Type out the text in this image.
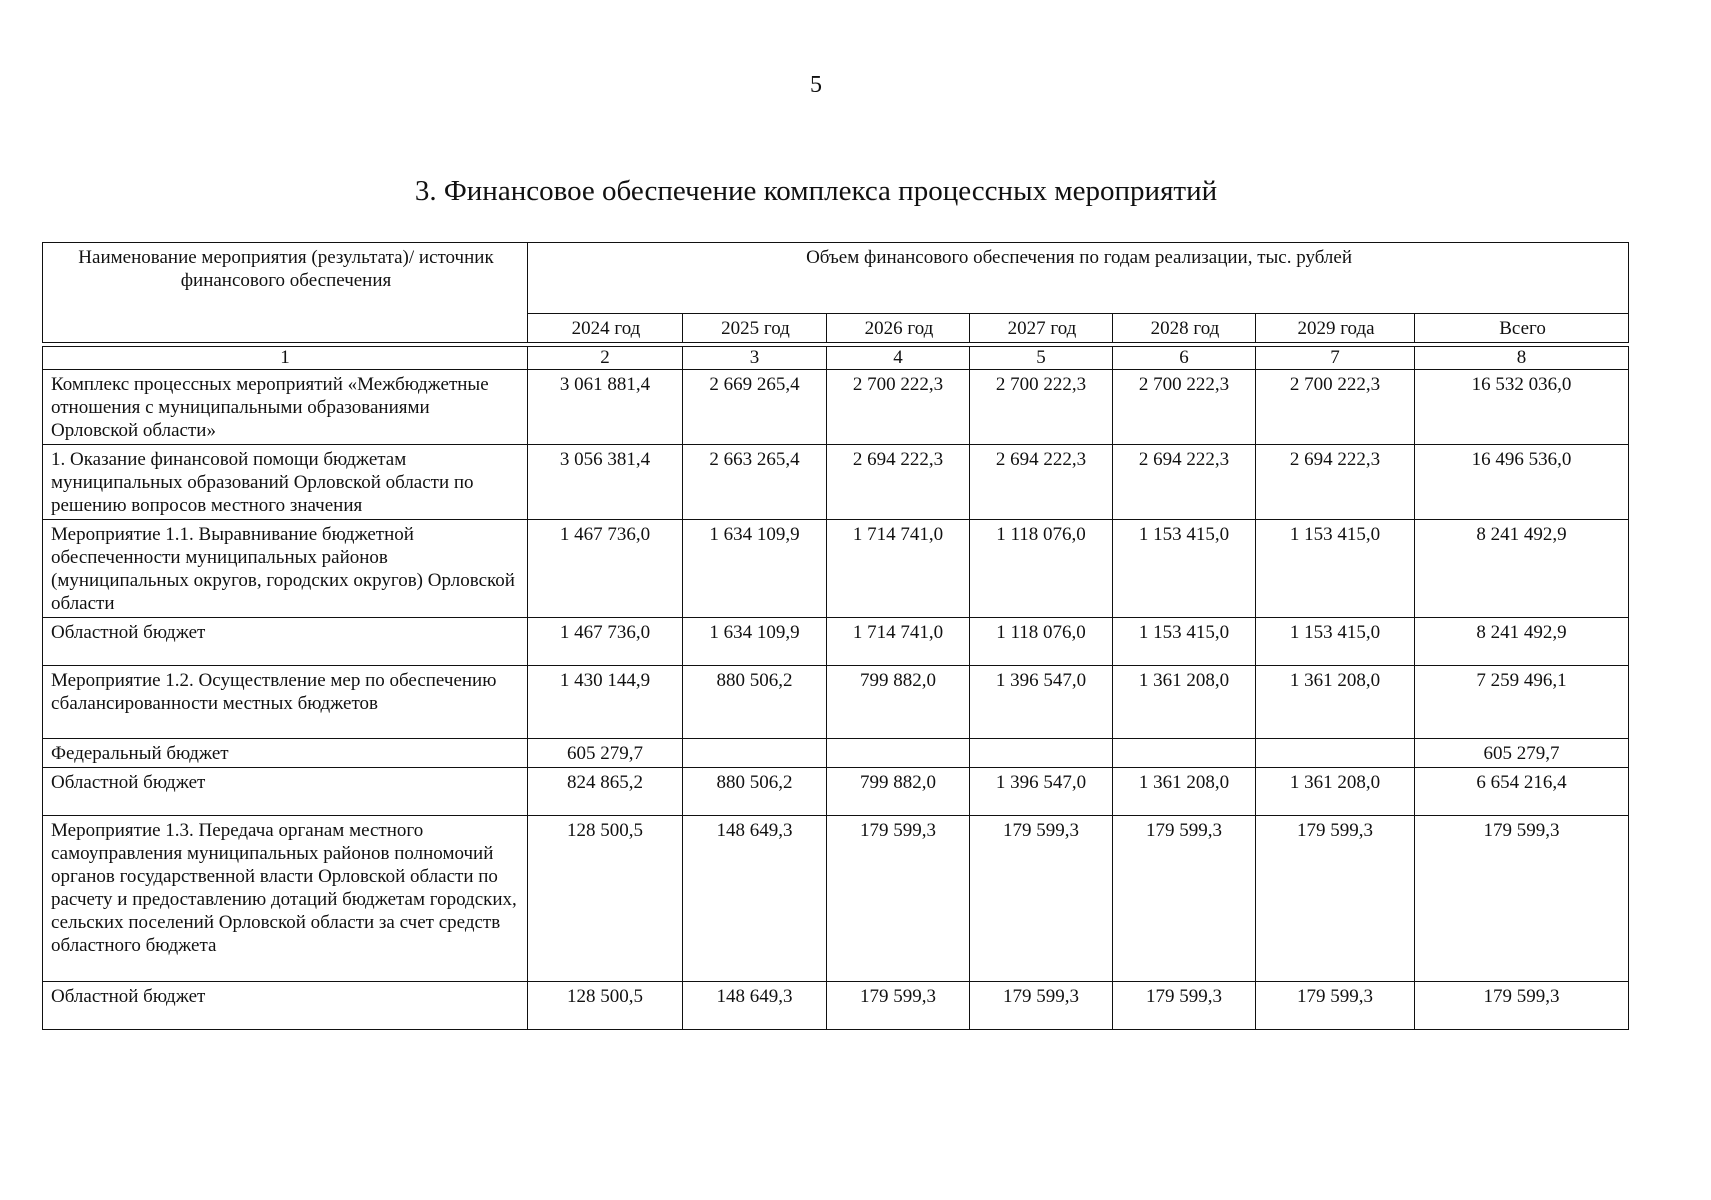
5
3. Финансовое обеспечение комплекса процессных мероприятий
Наименование мероприятия (результата)/ источник финансового обеспечения	Объем финансового обеспечения по годам реализации, тыс. рублей						
	2024 год	2025 год	2026 год	2027 год	2028 год	2029 года	Всего

1	2	3	4	5	6	7	8
Комплекс процессных мероприятий «Межбюджетные отношения с муниципальными образованиями Орловской области»	3 061 881,4	2 669 265,4	2 700 222,3	2 700 222,3	2 700 222,3	2 700 222,3	16 532 036,0
1. Оказание финансовой помощи бюджетам муниципальных образований Орловской области по решению вопросов местного значения	3 056 381,4	2 663 265,4	2 694 222,3	2 694 222,3	2 694 222,3	2 694 222,3	16 496 536,0
Мероприятие 1.1. Выравнивание бюджетной обеспеченности муниципальных районов (муниципальных округов, городских округов) Орловской области	1 467 736,0	1 634 109,9	1 714 741,0	1 118 076,0	1 153 415,0	1 153 415,0	8 241 492,9
Областной бюджет	1 467 736,0	1 634 109,9	1 714 741,0	1 118 076,0	1 153 415,0	1 153 415,0	8 241 492,9
Мероприятие 1.2. Осуществление мер по обеспечению сбалансированности местных бюджетов	1 430 144,9	880 506,2	799 882,0	1 396 547,0	1 361 208,0	1 361 208,0	7 259 496,1
Федеральный бюджет	605 279,7						605 279,7
Областной бюджет	824 865,2	880 506,2	799 882,0	1 396 547,0	1 361 208,0	1 361 208,0	6 654 216,4
Мероприятие 1.3. Передача органам местного самоуправления муниципальных районов полномочий органов государственной власти Орловской области по расчету и предоставлению дотаций бюджетам городских, сельских поселений Орловской области за счет средств областного бюджета	128 500,5	148 649,3	179 599,3	179 599,3	179 599,3	179 599,3	179 599,3
Областной бюджет	128 500,5	148 649,3	179 599,3	179 599,3	179 599,3	179 599,3	179 599,3
